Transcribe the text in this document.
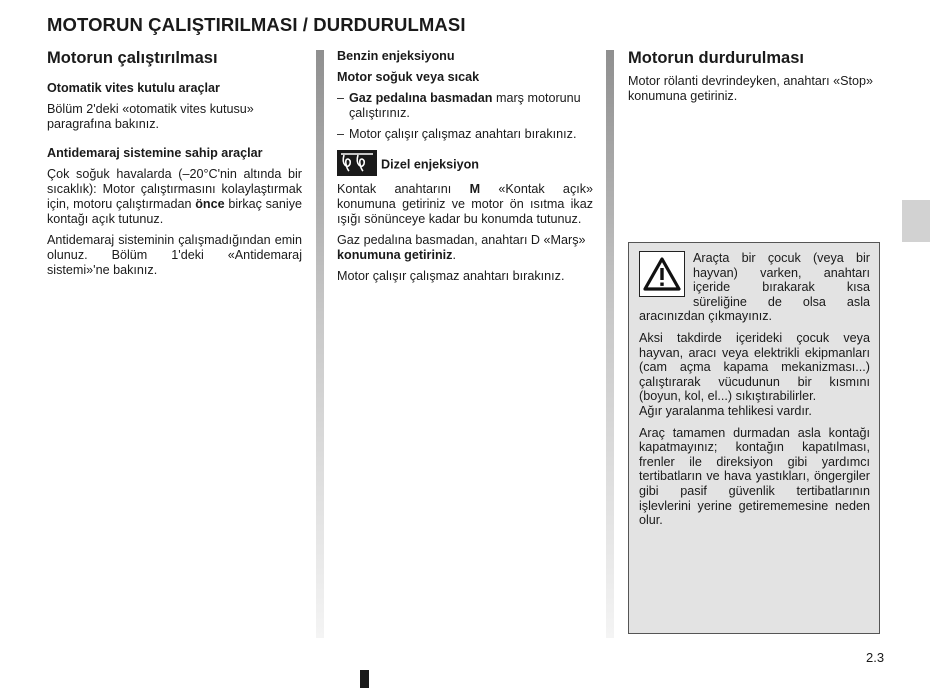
MOTORUN ÇALIŞTIRILMASI / DURDURULMASI

Motorun çalıştırılması

Otomatik vites kutulu araçlar

Bölüm 2'deki «otomatik vites kutusu» paragrafına bakınız.

Antidemaraj sistemine sahip araçlar

Çok soğuk havalarda (–20°C'nin altında bir sıcaklık): Motor çalıştırmasını kolaylaştırmak için, motoru çalıştırmadan önce birkaç saniye kontağı açık tutunuz.

Antidemaraj sisteminin çalışmadığından emin olunuz. Bölüm 1'deki «Antidemaraj sistemi»'ne bakınız.

Benzin enjeksiyonu

Motor soğuk veya sıcak

– Gaz pedalına basmadan marş motorunu çalıştırınız.
– Motor çalışır çalışmaz anahtarı bırakınız.

Dizel enjeksiyon

Kontak anahtarını M «Kontak açık» konumuna getiriniz ve motor ön ısıtma ikaz ışığı sönünceye kadar bu konumda tutunuz.

Gaz pedalına basmadan, anahtarı D «Marş» konumuna getiriniz.

Motor çalışır çalışmaz anahtarı bırakınız.

Motorun durdurulması

Motor rölanti devrindeyken, anahtarı «Stop» konumuna getiriniz.

Araçta bir çocuk (veya bir hayvan) varken, anahtarı içeride bırakarak kısa süreliğine de olsa asla aracınızdan çıkmayınız.

Aksi takdirde içerideki çocuk veya hayvan, aracı veya elektrikli ekipmanları (cam açma kapama mekanizması...) çalıştırarak vücudunun bir kısmını (boyun, kol, el...) sıkıştırabilirler.

Ağır yaralanma tehlikesi vardır.

Araç tamamen durmadan asla kontağı kapatmayınız; kontağın kapatılması, frenler ile direksiyon gibi yardımcı tertibatların ve hava yastıkları, öngergiler gibi pasif güvenlik tertibatlarının işlevlerini yerine getirememesine neden olur.

2.3
